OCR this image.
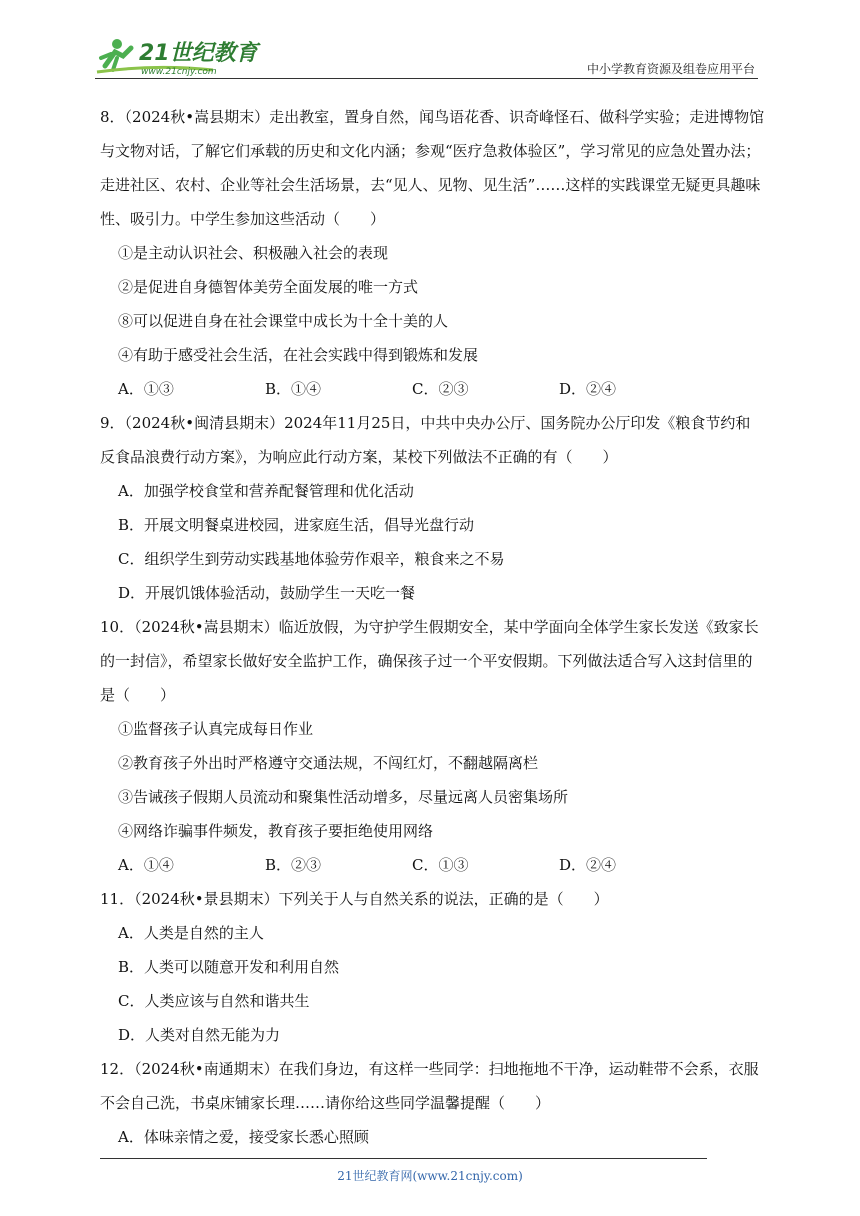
21世纪教育
www.21cnjy.com	中小学教育资源及组卷应用平台
8．（2024秋•嵩县期末）走出教室，置身自然，闻鸟语花香、识奇峰怪石、做科学实验；走进博物馆与文物对话，了解它们承载的历史和文化内涵；参观“医疗急救体验区”，学习常见的应急处置办法；走进社区、农村、企业等社会生活场景，去“见人、见物、见生活”……这样的实践课堂无疑更具趣味性、吸引力。中学生参加这些活动（　　）
①是主动认识社会、积极融入社会的表现
②是促进自身德智体美劳全面发展的唯一方式
⑧可以促进自身在社会课堂中成长为十全十美的人
④有助于感受社会生活，在社会实践中得到锻炼和发展
A．①③	B．①④	C．②③	D．②④
9．（2024秋•闽清县期末）2024年11月25日，中共中央办公厅、国务院办公厅印发《粮食节约和反食品浪费行动方案》，为响应此行动方案，某校下列做法不正确的有（　　）
A．加强学校食堂和营养配餐管理和优化活动
B．开展文明餐桌进校园，进家庭生活，倡导光盘行动
C．组织学生到劳动实践基地体验劳作艰辛，粮食来之不易
D．开展饥饿体验活动，鼓励学生一天吃一餐
10．（2024秋•嵩县期末）临近放假，为守护学生假期安全，某中学面向全体学生家长发送《致家长的一封信》，希望家长做好安全监护工作，确保孩子过一个平安假期。下列做法适合写入这封信里的是（　　）
①监督孩子认真完成每日作业
②教育孩子外出时严格遵守交通法规，不闯红灯，不翻越隔离栏
③告诫孩子假期人员流动和聚集性活动增多，尽量远离人员密集场所
④网络诈骗事件频发，教育孩子要拒绝使用网络
A．①④	B．②③	C．①③	D．②④
11．（2024秋•景县期末）下列关于人与自然关系的说法，正确的是（　　）
A．人类是自然的主人
B．人类可以随意开发和利用自然
C．人类应该与自然和谐共生
D．人类对自然无能为力
12．（2024秋•南通期末）在我们身边，有这样一些同学：扫地拖地不干净，运动鞋带不会系，衣服不会自己洗，书桌床铺家长理……请你给这些同学温馨提醒（　　）
A．体味亲情之爱，接受家长悉心照顾
21世纪教育网(www.21cnjy.com)
